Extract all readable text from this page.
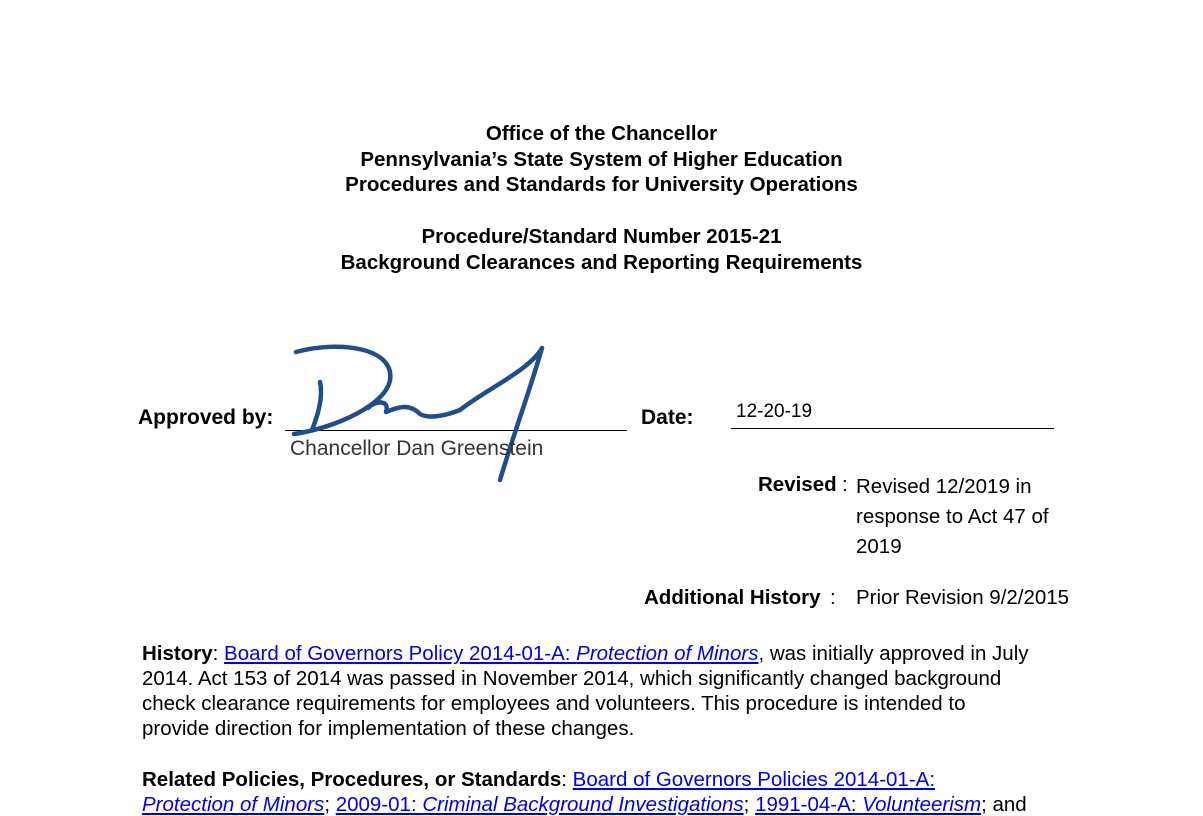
Office of the Chancellor
Pennsylvania’s State System of Higher Education
Procedures and Standards for University Operations
Procedure/Standard Number 2015-21
Background Clearances and Reporting Requirements
Approved by:
Chancellor Dan Greenstein
Date: 12-20-19
Revised : Revised 12/2019 in
response to Act 47 of
2019
Additional History : Prior Revision 9/2/2015
History: Board of Governors Policy 2014-01-A: Protection of Minors, was initially approved in July
2014. Act 153 of 2014 was passed in November 2014, which significantly changed background
check clearance requirements for employees and volunteers. This procedure is intended to
provide direction for implementation of these changes.
Related Policies, Procedures, or Standards: Board of Governors Policies 2014-01-A:
Protection of Minors; 2009-01: Criminal Background Investigations; 1991-04-A: Volunteerism; and
